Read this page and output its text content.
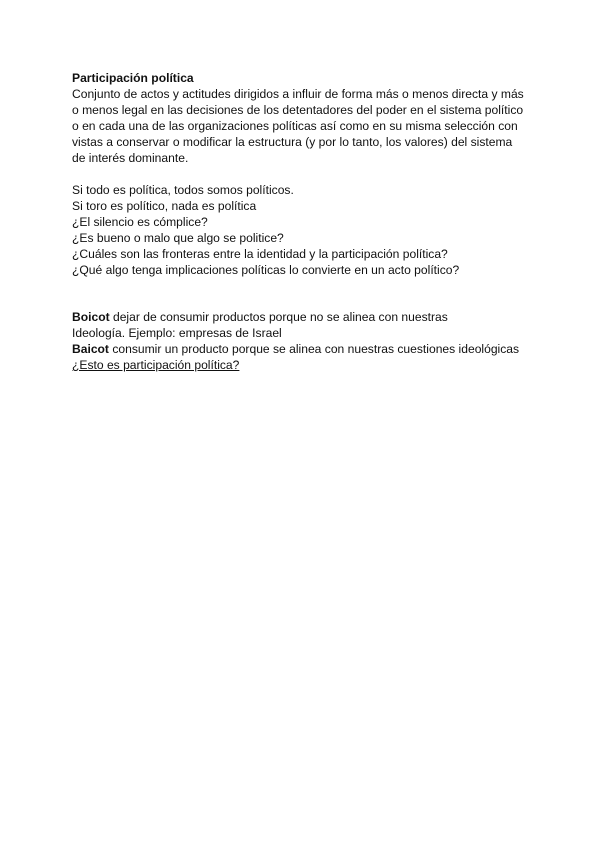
Participación política
Conjunto de actos y actitudes dirigidos a influir de forma más o menos directa y más
o menos legal en las decisiones de los detentadores del poder en el sistema político
o en cada una de las organizaciones políticas así como en su misma selección con
vistas a conservar o modificar la estructura (y por lo tanto, los valores) del sistema
de interés dominante.
Si todo es política, todos somos políticos.
Si toro es político, nada es política
¿El silencio es cómplice?
¿Es bueno o malo que algo se politice?
¿Cuáles son las fronteras entre la identidad y la participación política?
¿Qué algo tenga implicaciones políticas lo convierte en un acto político?
Boicot dejar de consumir productos porque no se alinea con nuestras
Ideología. Ejemplo: empresas de Israel
Baicot consumir un producto porque se alinea con nuestras cuestiones ideológicas
¿Esto es participación política?
